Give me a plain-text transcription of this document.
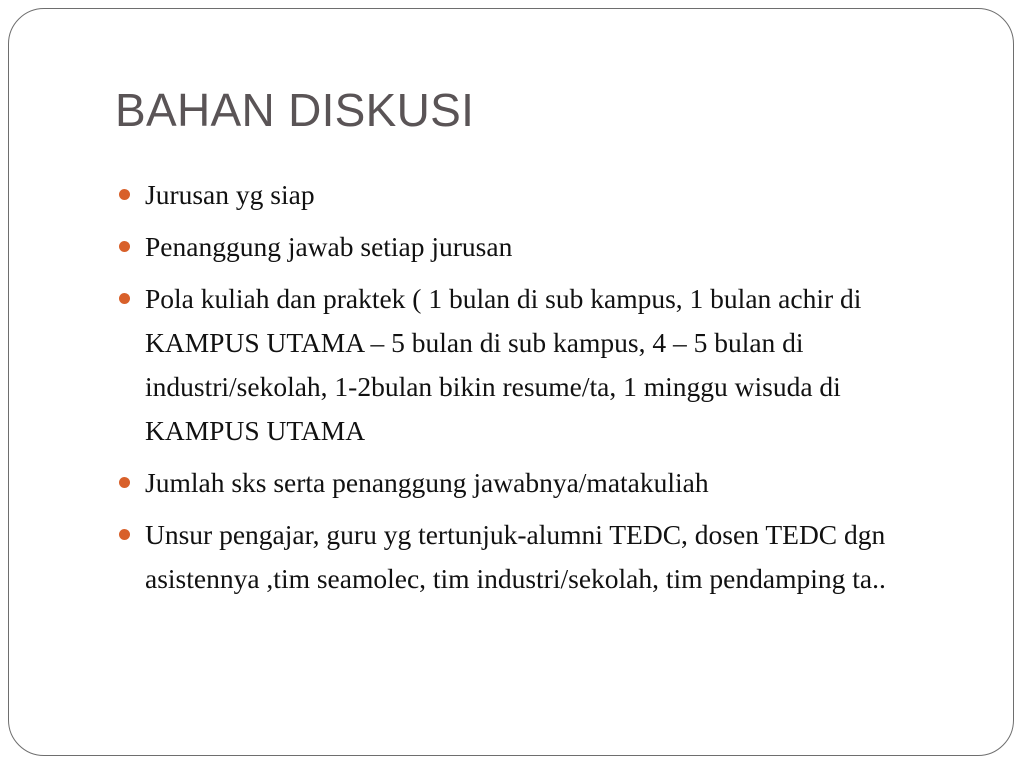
BAHAN DISKUSI
Jurusan yg siap
Penanggung jawab setiap jurusan
Pola kuliah dan praktek ( 1 bulan di sub kampus, 1 bulan achir di KAMPUS UTAMA – 5 bulan di sub kampus, 4 – 5 bulan di industri/sekolah, 1-2bulan bikin resume/ta, 1 minggu wisuda di KAMPUS UTAMA
Jumlah sks serta penanggung jawabnya/matakuliah
Unsur pengajar, guru yg tertunjuk-alumni TEDC, dosen TEDC dgn asistennya ,tim seamolec, tim industri/sekolah, tim pendamping ta..
